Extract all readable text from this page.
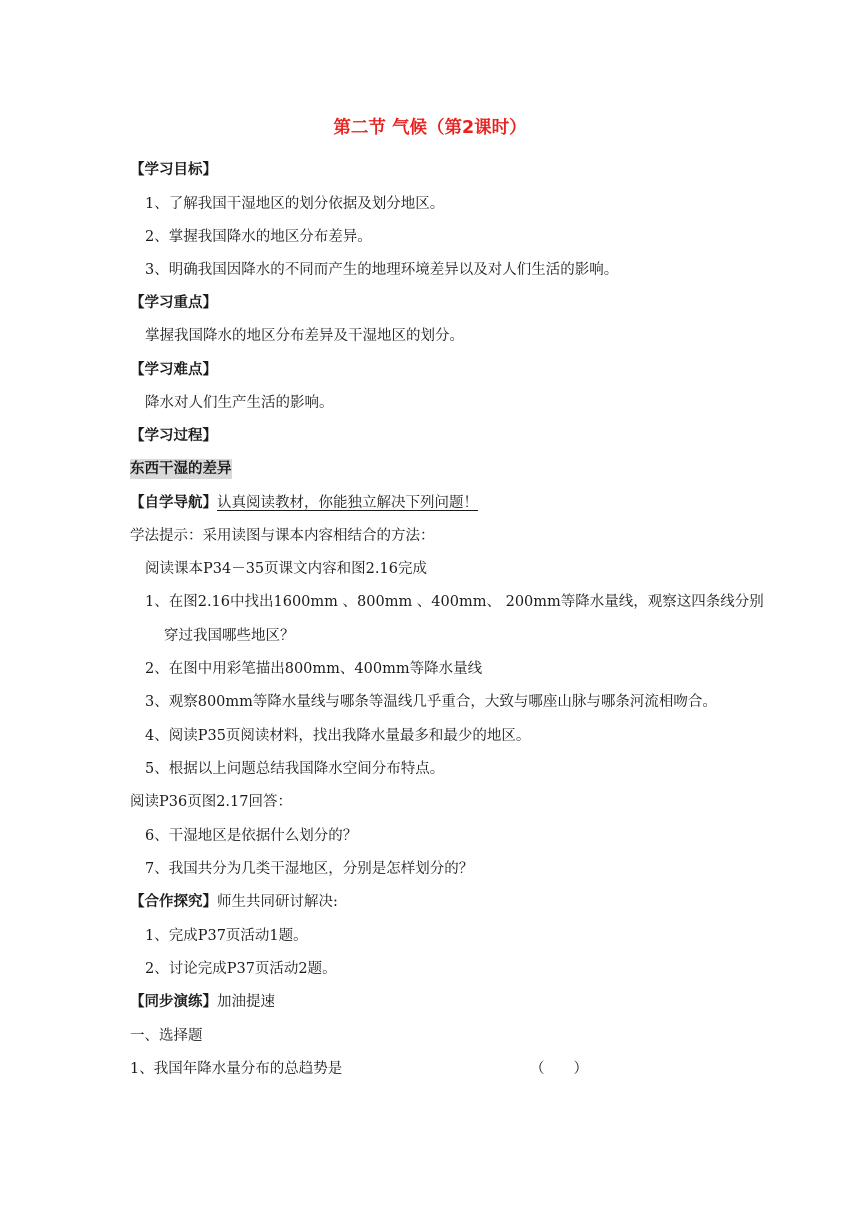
第二节 气候（第2课时）
【学习目标】
1、了解我国干湿地区的划分依据及划分地区。
2、掌握我国降水的地区分布差异。
3、明确我国因降水的不同而产生的地理环境差异以及对人们生活的影响。
【学习重点】
掌握我国降水的地区分布差异及干湿地区的划分。
【学习难点】
降水对人们生产生活的影响。
【学习过程】
东西干湿的差异
【自学导航】认真阅读教材，你能独立解决下列问题！
学法提示：采用读图与课本内容相结合的方法：
阅读课本P34－35页课文内容和图2.16完成
1、在图2.16中找出1600mm 、800mm 、400mm、 200mm等降水量线，观察这四条线分别
穿过我国哪些地区？
2、在图中用彩笔描出800mm、400mm等降水量线
3、观察800mm等降水量线与哪条等温线几乎重合，大致与哪座山脉与哪条河流相吻合。
4、阅读P35页阅读材料，找出我降水量最多和最少的地区。
5、根据以上问题总结我国降水空间分布特点。
阅读P36页图2.17回答：
6、干湿地区是依据什么划分的？
7、我国共分为几类干湿地区，分别是怎样划分的？
【合作探究】师生共同研讨解决:
1、完成P37页活动1题。
2、讨论完成P37页活动2题。
【同步演练】加油提速
一、选择题
1、我国年降水量分布的总趋势是	（　　）
